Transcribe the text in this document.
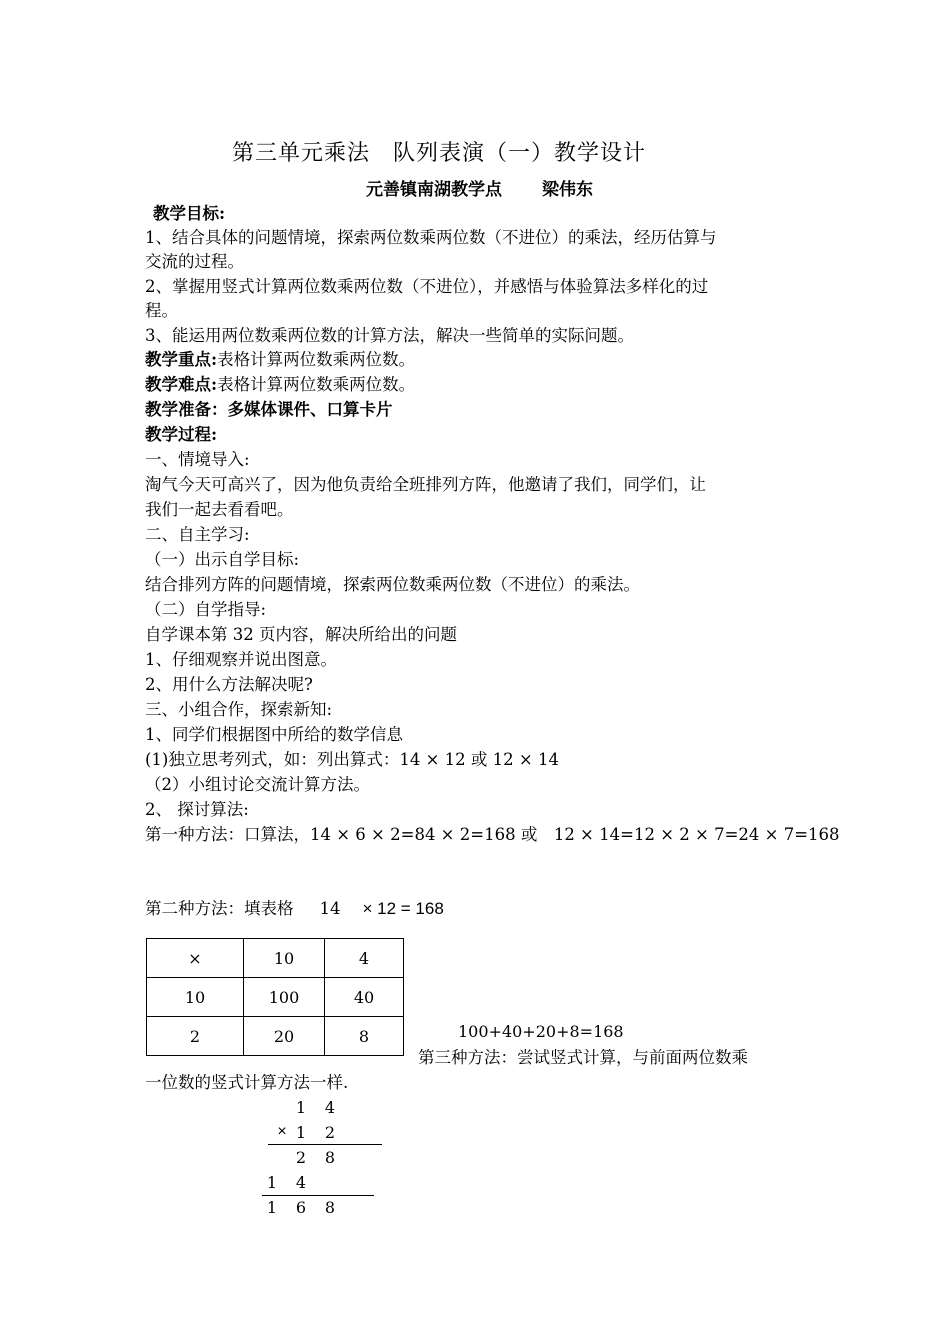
第三单元乘法　队列表演（一）教学设计
元善镇南湖教学点 梁伟东
教学目标:
1、结合具体的问题情境，探索两位数乘两位数（不进位）的乘法，经历估算与
交流的过程。
2、掌握用竖式计算两位数乘两位数（不进位），并感悟与体验算法多样化的过
程。
3、能运用两位数乘两位数的计算方法，解决一些简单的实际问题。
教学重点:表格计算两位数乘两位数。
教学难点:表格计算两位数乘两位数。
教学准备：多媒体课件、口算卡片
教学过程:
一、情境导入:
淘气今天可高兴了，因为他负责给全班排列方阵，他邀请了我们，同学们，让
我们一起去看看吧。
二、自主学习:
（一）出示自学目标:
结合排列方阵的问题情境，探索两位数乘两位数（不进位）的乘法。
（二）自学指导:
自学课本第 32 页内容，解决所给出的问题
1、仔细观察并说出图意。
2、用什么方法解决呢?
三、小组合作，探索新知:
1、同学们根据图中所给的数学信息
(1)独立思考列式，如：列出算式：14 × 12 或 12 × 14
（2）小组讨论交流计算方法。
2、 探讨算法:
第一种方法：口算法，14 × 6 × 2=84 × 2=168 或　12 × 14=12 × 2 × 7=24 × 7=168
第二种方法：填表格 14 × 12 = 168
×	10	4
10	100	40
2	20	8	100+40+20+8=168
第三种方法：尝试竖式计算，与前面两位数乘
一位数的竖式计算方法一样.
1 4
× 1 2
2 8
1 4
1 6 8
